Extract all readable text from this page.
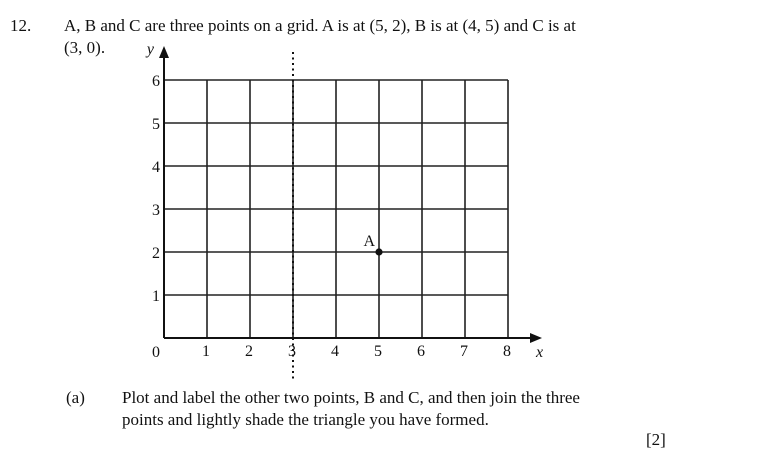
12. A, B and C are three points on a grid. A is at (5, 2), B is at (4, 5) and C is at
(3, 0).
x
y
0	1 2 3 4 5 6 7 8
1
2
3
4
5
6
A
(a) Plot and label the other two points, B and C, and then join the three
points and lightly shade the triangle you have formed.
[2]
